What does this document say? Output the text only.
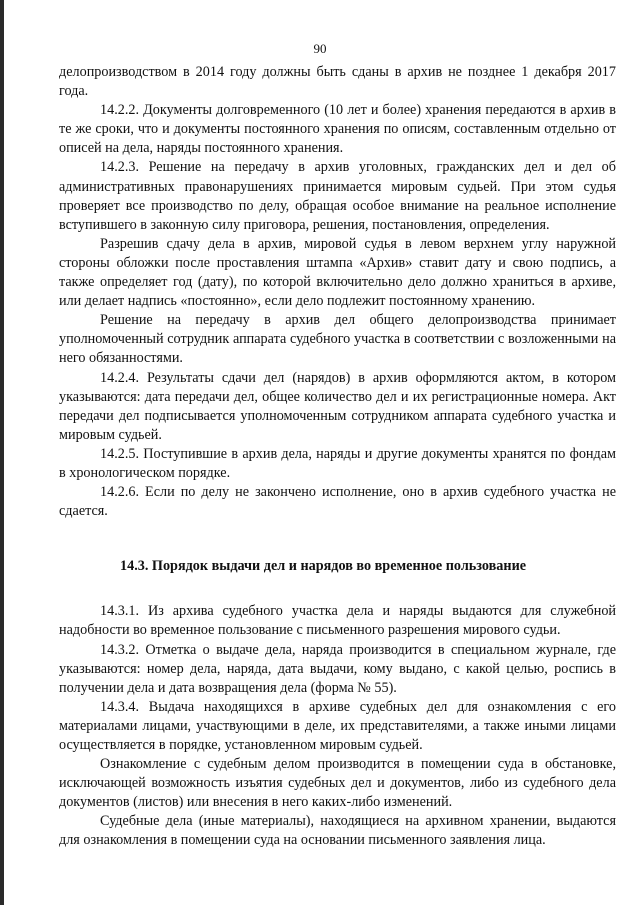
90

делопроизводством в 2014 году должны быть сданы в архив не позднее 1 декабря 2017 года.

14.2.2. Документы долговременного (10 лет и более) хранения передаются в архив в те же сроки, что и документы постоянного хранения по описям, составленным отдельно от описей на дела, наряды постоянного хранения.

14.2.3. Решение на передачу в архив уголовных, гражданских дел и дел об административных правонарушениях принимается мировым судьей. При этом судья проверяет все производство по делу, обращая особое внимание на реальное исполнение вступившего в законную силу приговора, решения, постановления, определения.

Разрешив сдачу дела в архив, мировой судья в левом верхнем углу наружной стороны обложки после проставления штампа «Архив» ставит дату и свою подпись, а также определяет год (дату), по которой включительно дело должно храниться в архиве, или делает надпись «постоянно», если дело подлежит постоянному хранению.

Решение на передачу в архив дел общего делопроизводства принимает уполномоченный сотрудник аппарата судебного участка в соответствии с возложенными на него обязанностями.

14.2.4. Результаты сдачи дел (нарядов) в архив оформляются актом, в котором указываются: дата передачи дел, общее количество дел и их регистрационные номера. Акт передачи дел подписывается уполномоченным сотрудником аппарата судебного участка и мировым судьей.

14.2.5. Поступившие в архив дела, наряды и другие документы хранятся по фондам в хронологическом порядке.

14.2.6. Если по делу не закончено исполнение, оно в архив судебного участка не сдается.

14.3. Порядок выдачи дел и нарядов во временное пользование

14.3.1. Из архива судебного участка дела и наряды выдаются для служебной надобности во временное пользование с письменного разрешения мирового судьи.

14.3.2. Отметка о выдаче дела, наряда производится в специальном журнале, где указываются: номер дела, наряда, дата выдачи, кому выдано, с какой целью, роспись в получении дела и дата возвращения дела (форма № 55).

14.3.4. Выдача находящихся в архиве судебных дел для ознакомления с его материалами лицами, участвующими в деле, их представителями, а также иными лицами осуществляется в порядке, установленном мировым судьей.

Ознакомление с судебным делом производится в помещении суда в обстановке, исключающей возможность изъятия судебных дел и документов, либо из судебного дела документов (листов) или внесения в него каких-либо изменений.

Судебные дела (иные материалы), находящиеся на архивном хранении, выдаются для ознакомления в помещении суда на основании письменного заявления лица.
